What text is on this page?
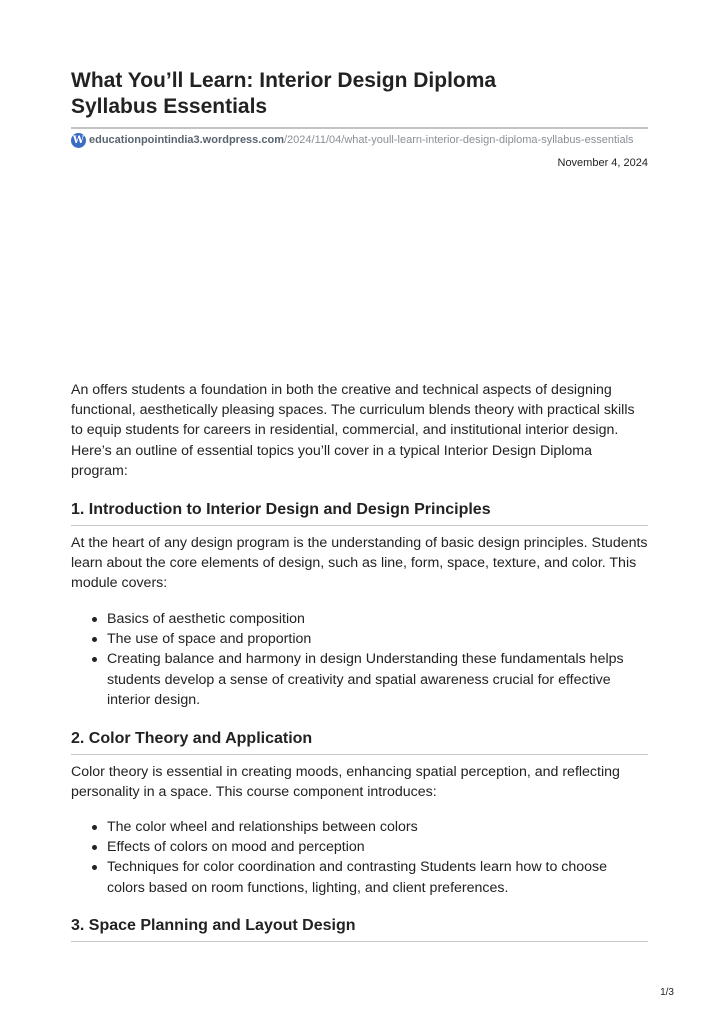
What You’ll Learn: Interior Design Diploma Syllabus Essentials
W educationpointindia3.wordpress.com /2024/11/04/what-youll-learn-interior-design-diploma-syllabus-essentials
November 4, 2024

An offers students a foundation in both the creative and technical aspects of designing functional, aesthetically pleasing spaces. The curriculum blends theory with practical skills to equip students for careers in residential, commercial, and institutional interior design. Here’s an outline of essential topics you’ll cover in a typical Interior Design Diploma program:

1. Introduction to Interior Design and Design Principles

At the heart of any design program is the understanding of basic design principles. Students learn about the core elements of design, such as line, form, space, texture, and color. This module covers:

Basics of aesthetic composition
The use of space and proportion
Creating balance and harmony in design Understanding these fundamentals helps students develop a sense of creativity and spatial awareness crucial for effective interior design.
2. Color Theory and Application

Color theory is essential in creating moods, enhancing spatial perception, and reflecting personality in a space. This course component introduces:

The color wheel and relationships between colors
Effects of colors on mood and perception
Techniques for color coordination and contrasting Students learn how to choose colors based on room functions, lighting, and client preferences.
3. Space Planning and Layout Design
1/3
